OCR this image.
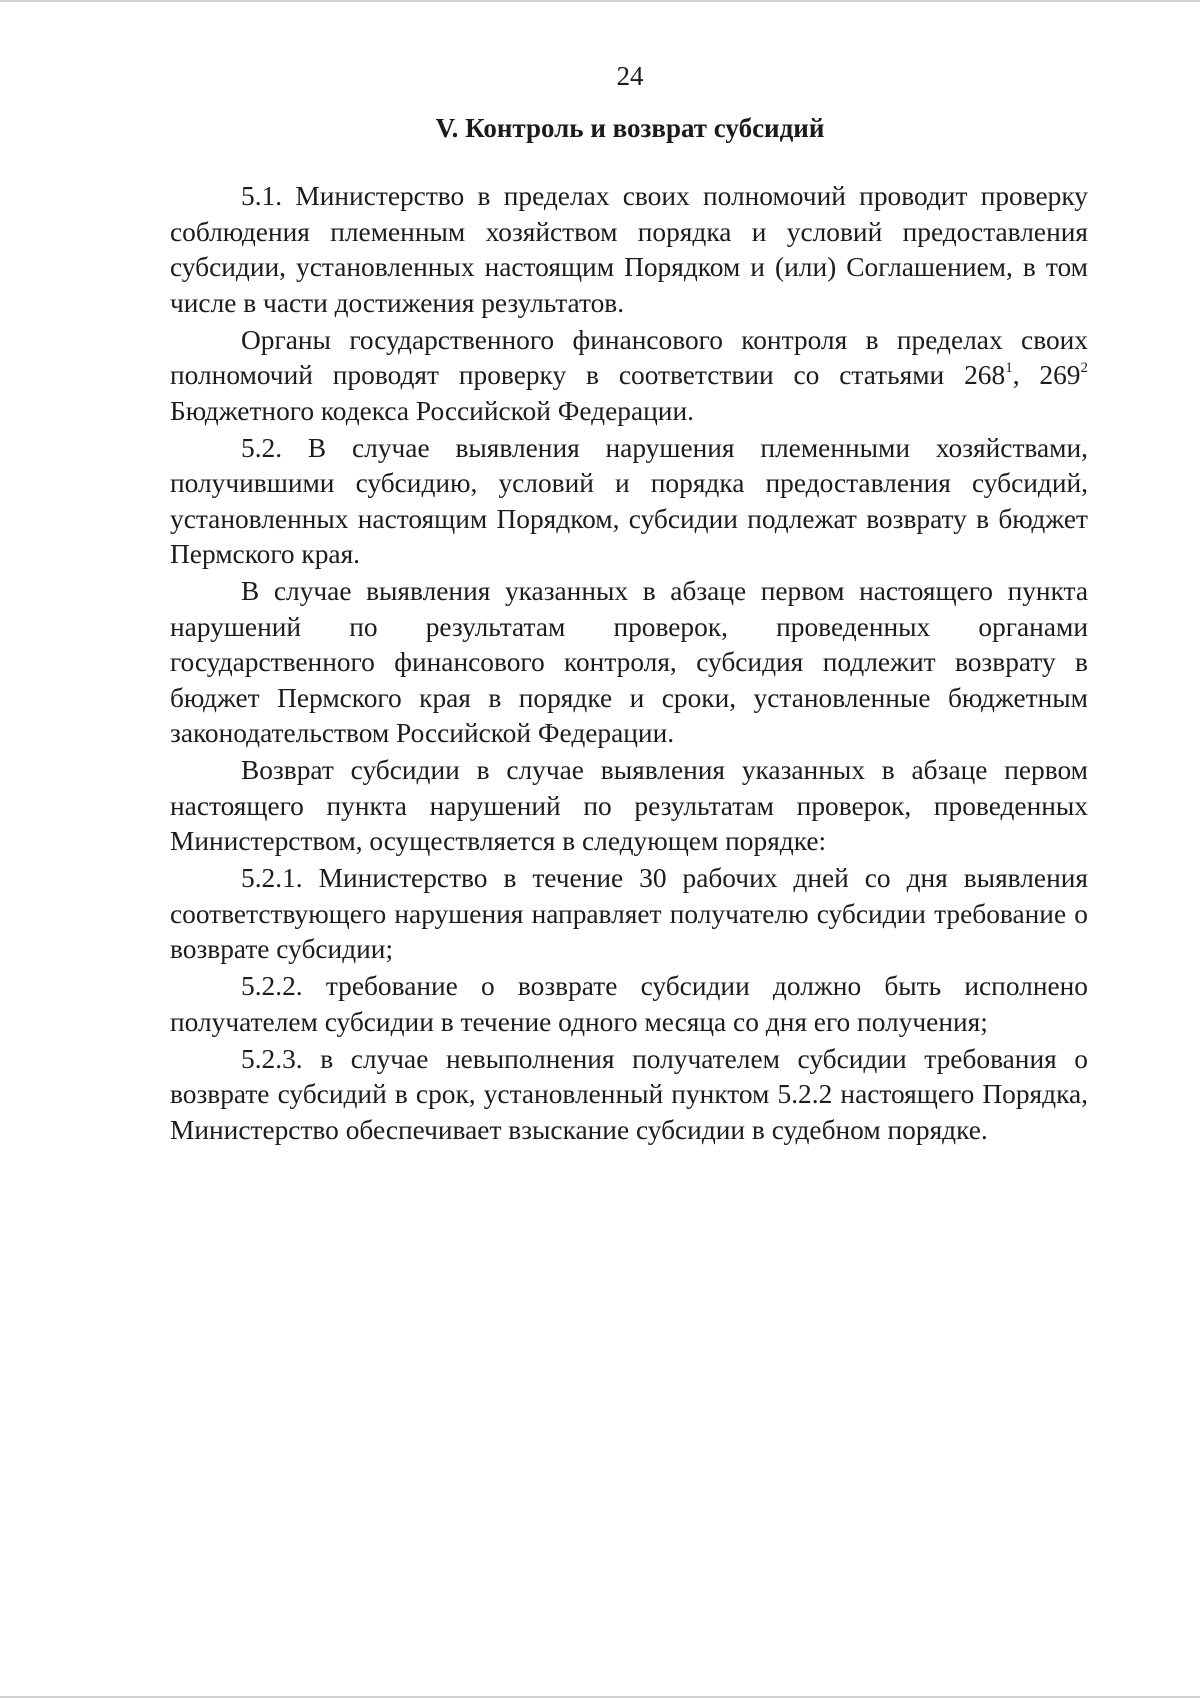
24
V. Контроль и возврат субсидий

5.1. Министерство в пределах своих полномочий проводит проверку соблюдения племенным хозяйством порядка и условий предоставления субсидии, установленных настоящим Порядком и (или) Соглашением, в том числе в части достижения результатов.

Органы государственного финансового контроля в пределах своих полномочий проводят проверку в соответствии со статьями $268^1$, $269^2$ Бюджетного кодекса Российской Федерации.

5.2. В случае выявления нарушения племенными хозяйствами, получившими субсидию, условий и порядка предоставления субсидий, установленных настоящим Порядком, субсидии подлежат возврату в бюджет Пермского края.

В случае выявления указанных в абзаце первом настоящего пункта нарушений по результатам проверок, проведенных органами государственного финансового контроля, субсидия подлежит возврату в бюджет Пермского края в порядке и сроки, установленные бюджетным законодательством Российской Федерации.

Возврат субсидии в случае выявления указанных в абзаце первом настоящего пункта нарушений по результатам проверок, проведенных Министерством, осуществляется в следующем порядке:

5.2.1. Министерство в течение 30 рабочих дней со дня выявления соответствующего нарушения направляет получателю субсидии требование о возврате субсидии;

5.2.2. требование о возврате субсидии должно быть исполнено получателем субсидии в течение одного месяца со дня его получения;

5.2.3. в случае невыполнения получателем субсидии требования о возврате субсидий в срок, установленный пунктом 5.2.2 настоящего Порядка, Министерство обеспечивает взыскание субсидии в судебном порядке.
